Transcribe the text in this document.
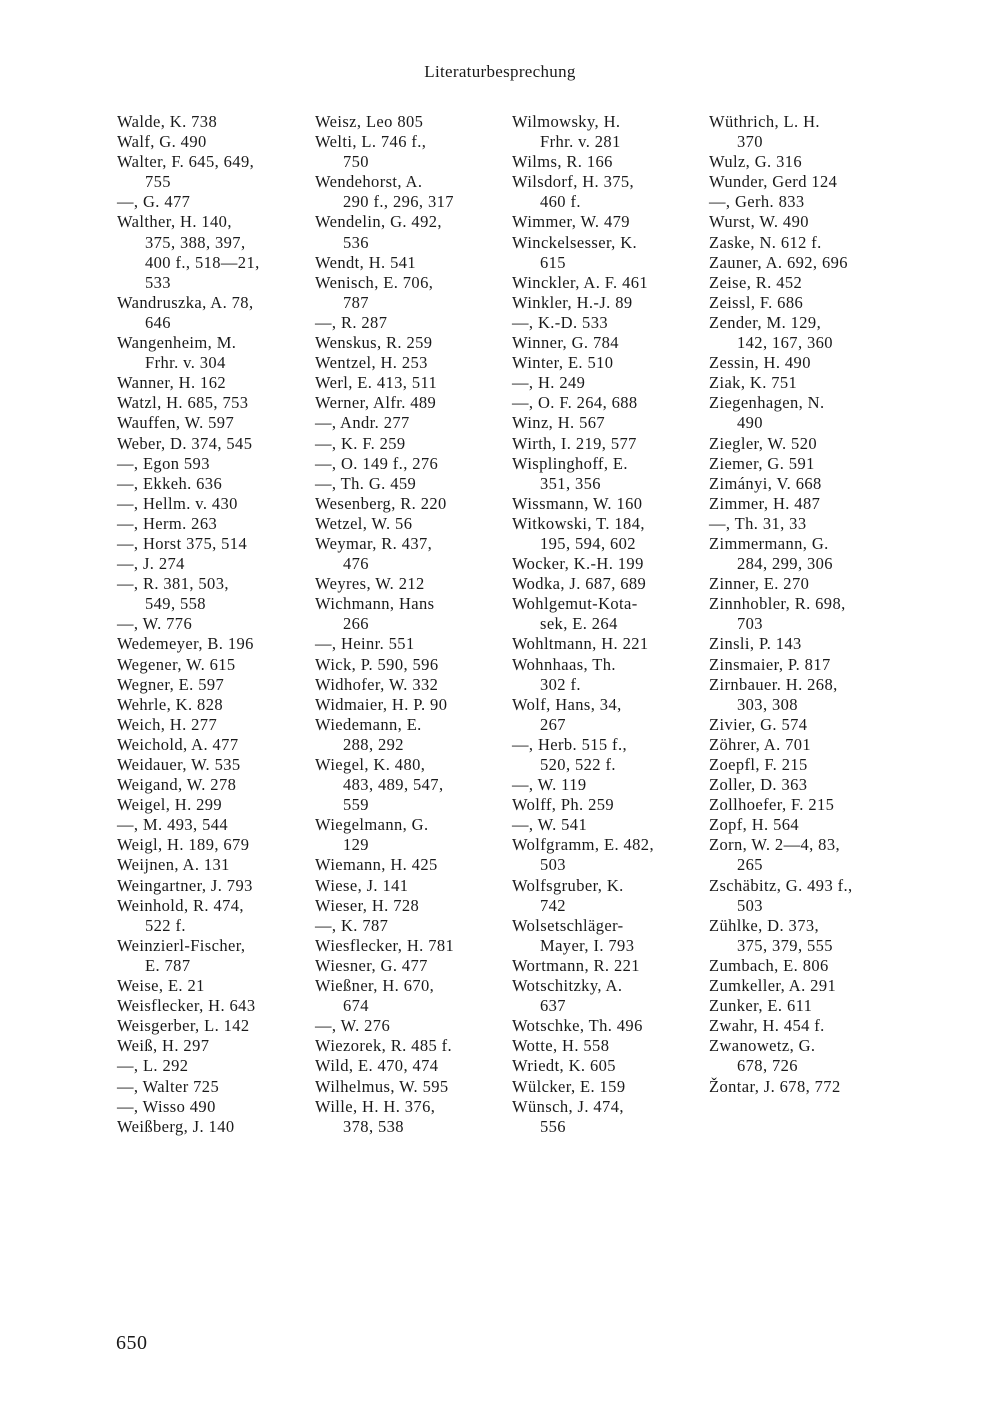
Literaturbesprechung
Walde, K. 738
Walf, G. 490
Walter, F. 645, 649,
755
—, G. 477
Walther, H. 140,
375, 388, 397,
400 f., 518—21,
533
Wandruszka, A. 78,
646
Wangenheim, M.
Frhr. v. 304
Wanner, H. 162
Watzl, H. 685, 753
Wauffen, W. 597
Weber, D. 374, 545
—, Egon 593
—, Ekkeh. 636
—, Hellm. v. 430
—, Herm. 263
—, Horst 375, 514
—, J. 274
—, R. 381, 503,
549, 558
—, W. 776
Wedemeyer, B. 196
Wegener, W. 615
Wegner, E. 597
Wehrle, K. 828
Weich, H. 277
Weichold, A. 477
Weidauer, W. 535
Weigand, W. 278
Weigel, H. 299
—, M. 493, 544
Weigl, H. 189, 679
Weijnen, A. 131
Weingartner, J. 793
Weinhold, R. 474,
522 f.
Weinzierl-Fischer,
E. 787
Weise, E. 21
Weisflecker, H. 643
Weisgerber, L. 142
Weiß, H. 297
—, L. 292
—, Walter 725
—, Wisso 490
Weißberg, J. 140
Weisz, Leo 805
Welti, L. 746 f.,
750
Wendehorst, A.
290 f., 296, 317
Wendelin, G. 492,
536
Wendt, H. 541
Wenisch, E. 706,
787
—, R. 287
Wenskus, R. 259
Wentzel, H. 253
Werl, E. 413, 511
Werner, Alfr. 489
—, Andr. 277
—, K. F. 259
—, O. 149 f., 276
—, Th. G. 459
Wesenberg, R. 220
Wetzel, W. 56
Weymar, R. 437,
476
Weyres, W. 212
Wichmann, Hans
266
—, Heinr. 551
Wick, P. 590, 596
Widhofer, W. 332
Widmaier, H. P. 90
Wiedemann, E.
288, 292
Wiegel, K. 480,
483, 489, 547,
559
Wiegelmann, G.
129
Wiemann, H. 425
Wiese, J. 141
Wieser, H. 728
—, K. 787
Wiesflecker, H. 781
Wiesner, G. 477
Wießner, H. 670,
674
—, W. 276
Wiezorek, R. 485 f.
Wild, E. 470, 474
Wilhelmus, W. 595
Wille, H. H. 376,
378, 538
Wilmowsky, H.
Frhr. v. 281
Wilms, R. 166
Wilsdorf, H. 375,
460 f.
Wimmer, W. 479
Winckelsesser, K.
615
Winckler, A. F. 461
Winkler, H.-J. 89
—, K.-D. 533
Winner, G. 784
Winter, E. 510
—, H. 249
—, O. F. 264, 688
Winz, H. 567
Wirth, I. 219, 577
Wisplinghoff, E.
351, 356
Wissmann, W. 160
Witkowski, T. 184,
195, 594, 602
Wocker, K.-H. 199
Wodka, J. 687, 689
Wohlgemut-Kota-
sek, E. 264
Wohltmann, H. 221
Wohnhaas, Th.
302 f.
Wolf, Hans, 34,
267
—, Herb. 515 f.,
520, 522 f.
—, W. 119
Wolff, Ph. 259
—, W. 541
Wolfgramm, E. 482,
503
Wolfsgruber, K.
742
Wolsetschläger-
Mayer, I. 793
Wortmann, R. 221
Wotschitzky, A.
637
Wotschke, Th. 496
Wotte, H. 558
Wriedt, K. 605
Wülcker, E. 159
Wünsch, J. 474,
556
Wüthrich, L. H.
370
Wulz, G. 316
Wunder, Gerd 124
—, Gerh. 833
Wurst, W. 490
Zaske, N. 612 f.
Zauner, A. 692, 696
Zeise, R. 452
Zeissl, F. 686
Zender, M. 129,
142, 167, 360
Zessin, H. 490
Ziak, K. 751
Ziegenhagen, N.
490
Ziegler, W. 520
Ziemer, G. 591
Zimányi, V. 668
Zimmer, H. 487
—, Th. 31, 33
Zimmermann, G.
284, 299, 306
Zinner, E. 270
Zinnhobler, R. 698,
703
Zinsli, P. 143
Zinsmaier, P. 817
Zirnbauer. H. 268,
303, 308
Zivier, G. 574
Zöhrer, A. 701
Zoepfl, F. 215
Zoller, D. 363
Zollhoefer, F. 215
Zopf, H. 564
Zorn, W. 2—4, 83,
265
Zschäbitz, G. 493 f.,
503
Zühlke, D. 373,
375, 379, 555
Zumbach, E. 806
Zumkeller, A. 291
Zunker, E. 611
Zwahr, H. 454 f.
Zwanowetz, G.
678, 726
Žontar, J. 678, 772
650
